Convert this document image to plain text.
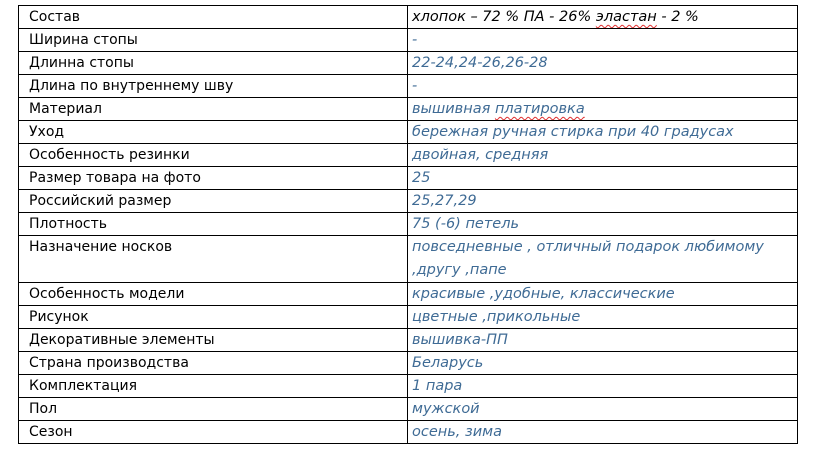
Состав	хлопок – 72 % ПА - 26% эластан - 2 %
Ширина стопы	-
Длинна стопы	22-24,24-26,26-28
Длина по внутреннему шву	-
Материал	вышивная платировка
Уход	бережная ручная стирка при 40 градусах
Особенность резинки	двойная, средняя
Размер товара на фото	25
Российский размер	25,27,29
Плотность	75 (-6) петель
Назначение носков	повседневные , отличный подарок любимому ,другу ,папе
Особенность модели	красивые ,удобные, классические
Рисунок	цветные ,прикольные
Декоративные элементы	вышивка-ПП
Страна производства	Беларусь
Комплектация	1 пара
Пол	мужской
Сезон	осень, зима
